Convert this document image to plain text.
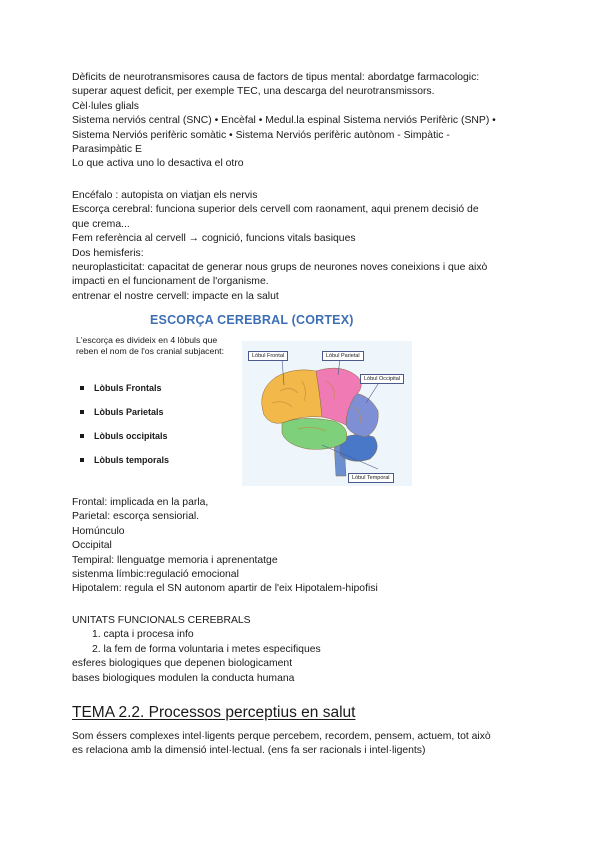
Dèficits de neurotransmisores causa de factors de tipus mental: abordatge farmacologic:
superar aquest deficit, per exemple TEC, una descarga del neurotransmissors.
Cèl·lules glials
Sistema nerviós central (SNC) • Encèfal • Medul.la espinal Sistema nerviós Perifèric (SNP) •
Sistema Nerviós perifèric somàtic • Sistema Nerviós perifèric autònom - Simpàtic -
Parasimpàtic E
Lo que activa uno lo desactiva el otro
Encéfalo : autopista on viatjan els nervis
Escorça cerebral: funciona superior dels cervell com raonament, aqui prenem decisió de
que crema...
Fem referència al cervell → cognició, funcions vitals basiques
Dos hemisferis:
neuroplasticitat: capacitat de generar nous grups de neurones noves coneixions i que això
impacti en el funcionament de l'organisme.
entrenar el nostre cervell: impacte en la salut
ESCORÇA CEREBRAL (CORTEX)
L'escorça es divideix en 4 lòbuls que reben el nom de l'os cranial subjacent:
Lòbuls Frontals
Lòbuls Parietals
Lòbuls occipitals
Lòbuls temporals
Lòbul Frontal	Lòbul Parietal
Lòbul Occipital
Lòbul Temporal
Frontal: implicada en la parla,
Parietal: escorça sensiorial.
Homúnculo
Occipital
Tempiral: llenguatge memoria i aprenentatge
sistenma límbic:regulació emocional
Hipotalem: regula el SN autonom apartir de l'eix Hipotalem-hipofisi
UNITATS FUNCIONALS CEREBRALS
1. capta i procesa info
2. la fem de forma voluntaria i metes especifiques
esferes biologiques que depenen biologicament
bases biologiques modulen la conducta humana
TEMA 2.2. Processos perceptius en salut
Som éssers complexes intel·ligents perque percebem, recordem, pensem, actuem, tot això
es relaciona amb la dimensió intel·lectual. (ens fa ser racionals i intel·ligents)
